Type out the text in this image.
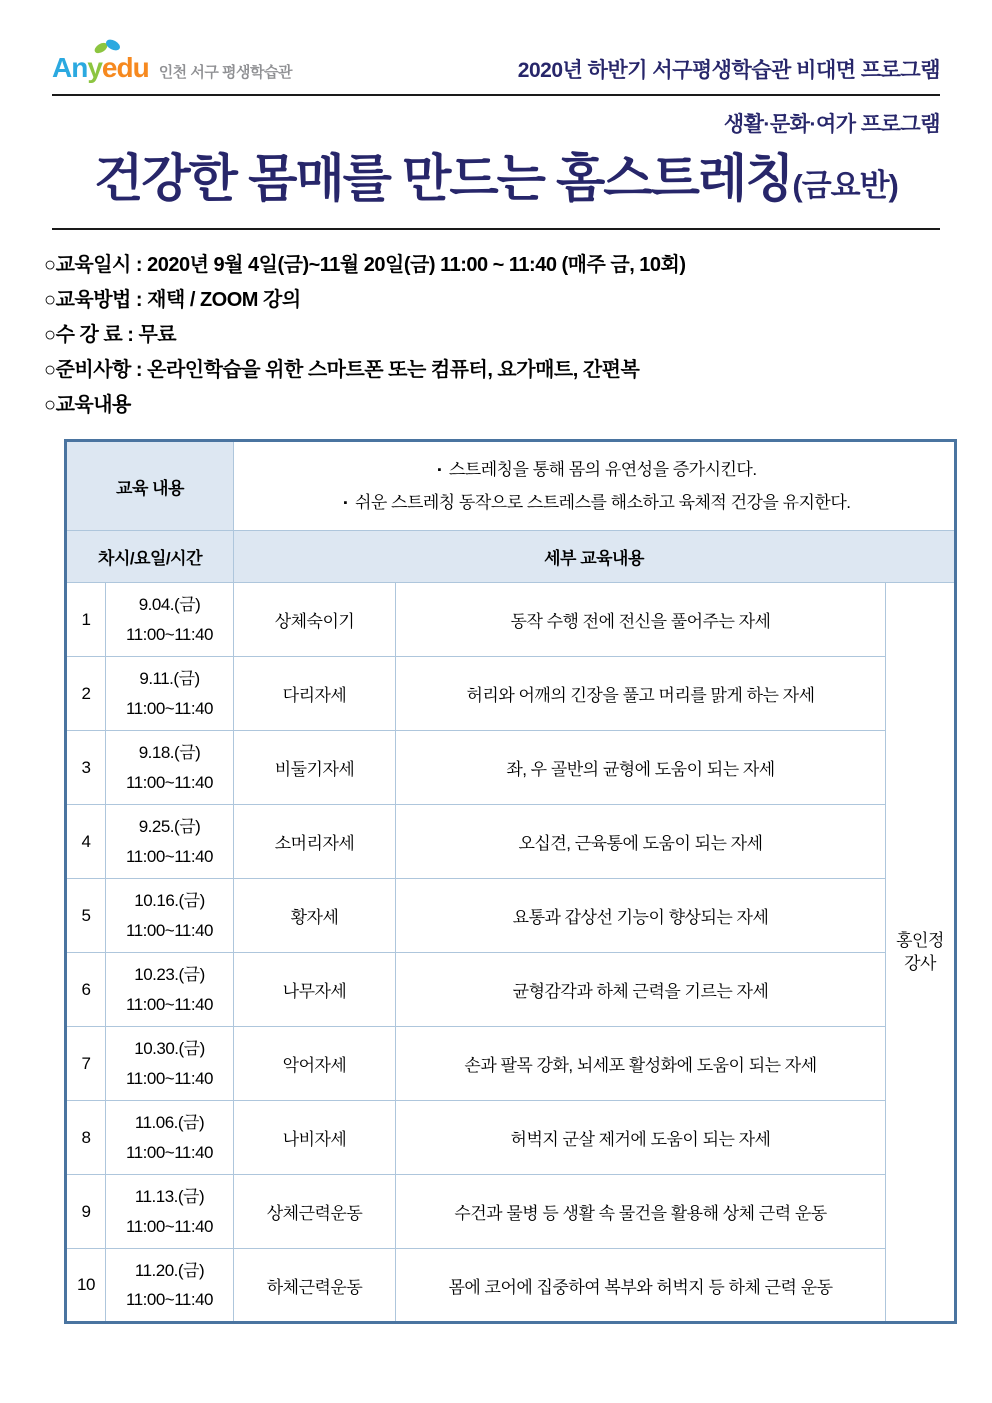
An y edu 인천 서구 평생학습관	2020년 하반기 서구평생학습관 비대면 프로그램
생활·문화·여가 프로그램
건강한 몸매를 만드는 홈스트레칭(금요반)
○교육일시 : 2020년 9월 4일(금)~11월 20일(금) 11:00 ~ 11:40 (매주 금, 10회)
○교육방법 : 재택 / ZOOM 강의
○수 강 료 : 무료
○준비사항 : 온라인학습을 위한 스마트폰 또는 컴퓨터, 요가매트, 간편복
○교육내용
교육 내용		▪ 스트레칭을 통해 몸의 유연성을 증가시킨다.
▪ 쉬운 스트레칭 동작으로 스트레스를 해소하고 육체적 건강을 유지한다.		

차시/요일/시간		세부 교육내용		
1	9.04.(금)
11:00~11:40	상체숙이기	동작 수행 전에 전신을 풀어주는 자세	홍인정
강사

2	9.11.(금)
11:00~11:40	다리자세	허리와 어깨의 긴장을 풀고 머리를 맑게 하는 자세	
3	9.18.(금)
11:00~11:40	비둘기자세	좌, 우 골반의 균형에 도움이 되는 자세	
4	9.25.(금)
11:00~11:40	소머리자세	오십견, 근육통에 도움이 되는 자세	
5	10.16.(금)
11:00~11:40	황자세	요통과 갑상선 기능이 향상되는 자세	
6	10.23.(금)
11:00~11:40	나무자세	균형감각과 하체 근력을 기르는 자세	
7	10.30.(금)
11:00~11:40	악어자세	손과 팔목 강화, 뇌세포 활성화에 도움이 되는 자세	
8	11.06.(금)
11:00~11:40	나비자세	허벅지 군살 제거에 도움이 되는 자세	
9	11.13.(금)
11:00~11:40	상체근력운동	수건과 물병 등 생활 속 물건을 활용해 상체 근력 운동	
10	11.20.(금)
11:00~11:40	하체근력운동	몸에 코어에 집중하여 복부와 허벅지 등 하체 근력 운동	
